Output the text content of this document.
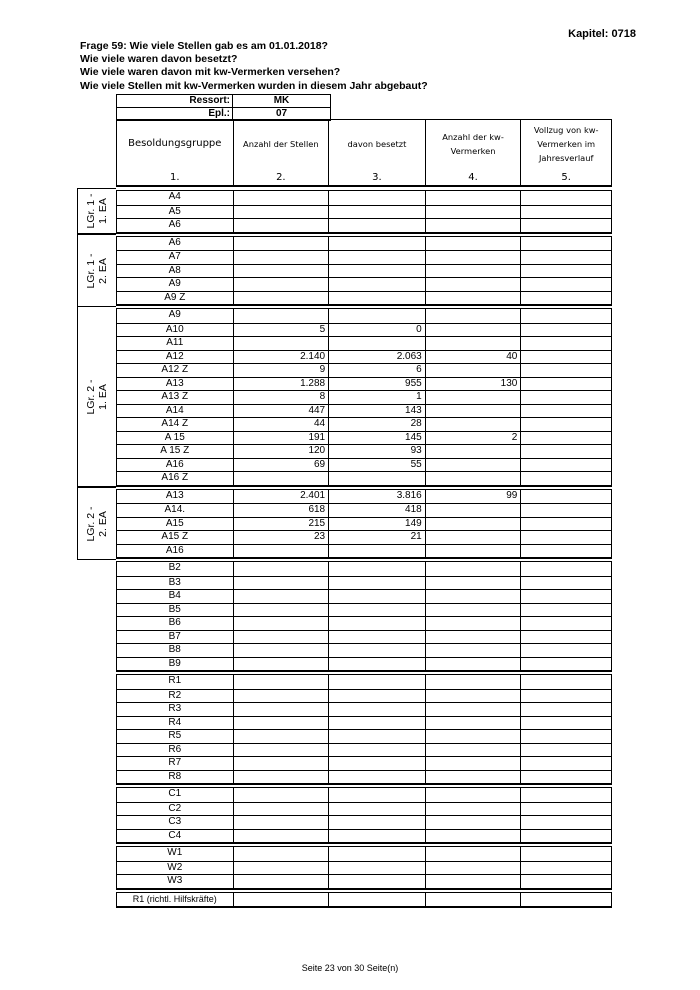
Kapitel: 0718
Frage 59: Wie viele Stellen gab es am 01.01.2018?
Wie viele waren davon besetzt?
Wie viele waren davon mit kw-Vermerken versehen?
Wie viele Stellen mit kw-Vermerken wurden in diesem Jahr abgebaut?
Ressort:	MK
Epl.:	07
Besoldungsgruppe
1.
Anzahl der Stellen
2.
davon besetzt
3.
Anzahl der kw-
Vermerken
4.
Vollzug von kw-
Vermerken im
Jahresverlauf
5.
A4
A5
A6
A6
A7
A8
A9
A9 Z
A9
A10	5	0
A11
A12	2.140	2.063	40
A12 Z	9	6
A13	1.288	955	130
A13 Z	8	1
A14	447	143
A14 Z	44	28
A 15	191	145	2
A 15 Z	120	93
A16	69	55
A16 Z
A13	2.401	3.816	99
A14.	618	418
A15	215	149
A15 Z	23	21
A16
B2
B3
B4
B5
B6
B7
B8
B9
R1
R2
R3
R4
R5
R6
R7
R8
C1
C2
C3
C4
W1
W2
W3
R1 (richtl. Hilfskräfte)
Seite 23 von 30 Seite(n)
LGr. 1 -
1. EA
LGr. 1 -
2. EA
LGr. 2 -
1. EA
LGr. 2 -
2. EA
